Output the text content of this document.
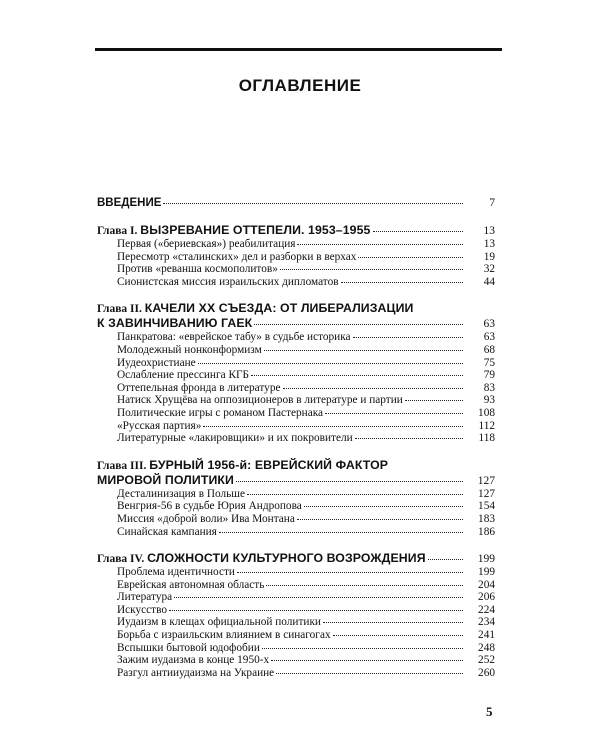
ОГЛАВЛЕНИЕ
ВВЕДЕНИЕ	7
Глава I. ВЫЗРЕВАНИЕ ОТТЕПЕЛИ. 1953–1955	13
Первая («бериевская») реабилитация	13
Пересмотр «сталинских» дел и разборки в верхах	19
Против «реванша космополитов»	32
Сионистская миссия израильских дипломатов	44
Глава II. КАЧЕЛИ XX СЪЕЗДА: ОТ ЛИБЕРАЛИЗАЦИИ
К ЗАВИНЧИВАНИЮ ГАЕК	63
Панкратова: «еврейское табу» в судьбе историка	63
Молодежный нонконформизм	68
Иудеохристиане	75
Ослабление прессинга КГБ	79
Оттепельная фронда в литературе	83
Натиск Хрущёва на оппозиционеров в литературе и партии	93
Политические игры с романом Пастернака	108
«Русская партия»	112
Литературные «лакировщики» и их покровители	118
Глава III. БУРНЫЙ 1956-й: ЕВРЕЙСКИЙ ФАКТОР
МИРОВОЙ ПОЛИТИКИ	127
Десталинизация в Польше	127
Венгрия-56 в судьбе Юрия Андропова	154
Миссия «доброй воли» Ива Монтана	183
Синайская кампания	186
Глава IV. СЛОЖНОСТИ КУЛЬТУРНОГО ВОЗРОЖДЕНИЯ	199
Проблема идентичности	199
Еврейская автономная область	204
Литература	206
Искусство	224
Иудаизм в клещах официальной политики	234
Борьба с израильским влиянием в синагогах	241
Вспышки бытовой юдофобии	248
Зажим иудаизма в конце 1950-х	252
Разгул антииудаизма на Украине	260
5
